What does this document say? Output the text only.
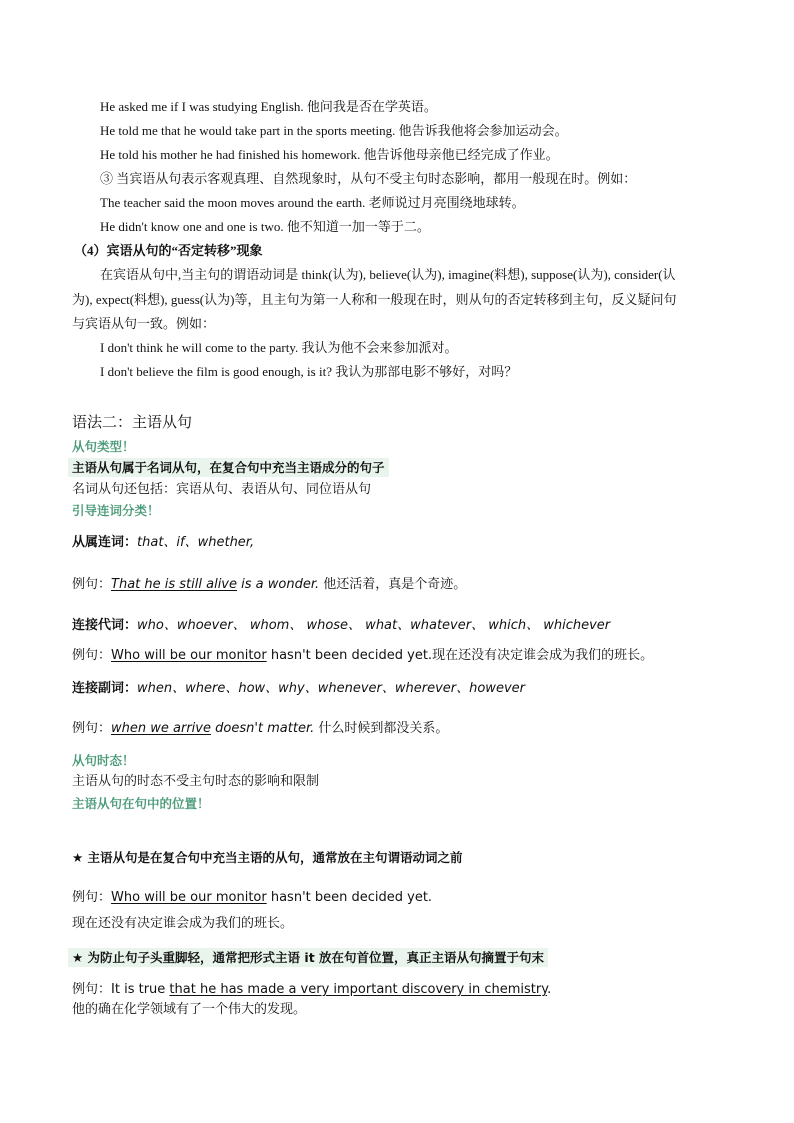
He asked me if I was studying English. 他问我是否在学英语。
He told me that he would take part in the sports meeting. 他告诉我他将会参加运动会。
He told his mother he had finished his homework. 他告诉他母亲他已经完成了作业。
③ 当宾语从句表示客观真理、自然现象时，从句不受主句时态影响，都用一般现在时。例如：
The teacher said the moon moves around the earth. 老师说过月亮围绕地球转。
He didn't know one and one is two. 他不知道一加一等于二。
（4）宾语从句的“否定转移”现象
在宾语从句中,当主句的谓语动词是 think(认为), believe(认为), imagine(料想), suppose(认为), consider(认
为), expect(料想), guess(认为)等，且主句为第一人称和一般现在时，则从句的否定转移到主句，反义疑问句
与宾语从句一致。例如：
I don't think he will come to the party. 我认为他不会来参加派对。
I don't believe the film is good enough, is it? 我认为那部电影不够好，对吗？
语法二：主语从句
从句类型！
主语从句属于名词从句，在复合句中充当主语成分的句子
名词从句还包括：宾语从句、表语从句、同位语从句
引导连词分类！
从属连词：that、if、whether,
例句：That he is still alive is a wonder. 他还活着，真是个奇迹。
连接代词：who、whoever、 whom、 whose、 what、whatever、 which、 whichever
例句：Who will be our monitor hasn't been decided yet.现在还没有决定谁会成为我们的班长。
连接副词：when、where、how、why、whenever、wherever、however
例句：when we arrive doesn't matter. 什么时候到都没关系。
从句时态！
主语从句的时态不受主句时态的影响和限制
主语从句在句中的位置！
★ 主语从句是在复合句中充当主语的从句，通常放在主句谓语动词之前
例句：Who will be our monitor hasn't been decided yet.
现在还没有决定谁会成为我们的班长。
★ 为防止句子头重脚轻，通常把形式主语 it 放在句首位置，真正主语从句摘置于句末
例句：It is true that he has made a very important discovery in chemistry.
他的确在化学领域有了一个伟大的发现。
